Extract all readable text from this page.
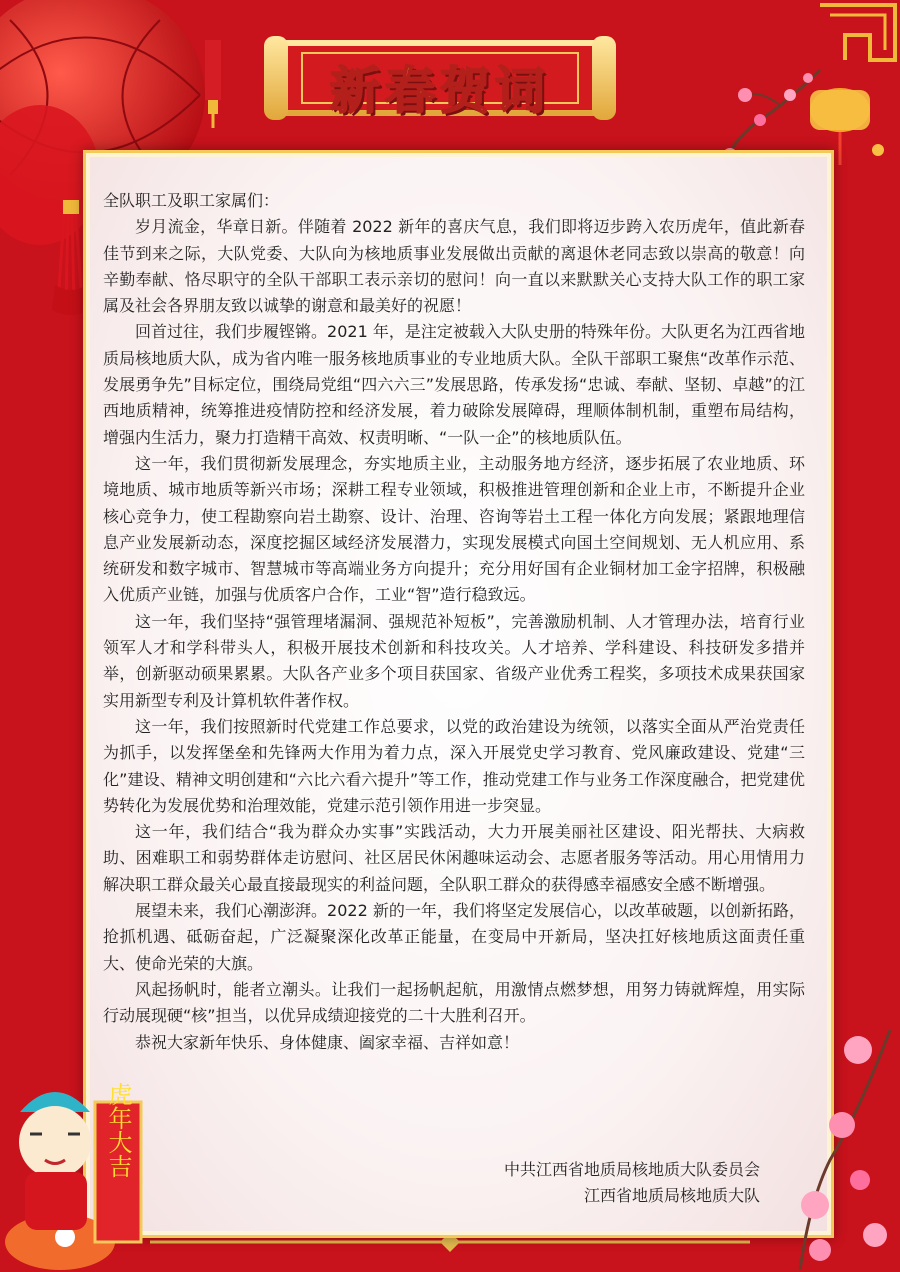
新春贺词

全队职工及职工家属们：

岁月流金，华章日新。伴随着 2022 新年的喜庆气息，我们即将迈步跨入农历虎年，值此新春佳节到来之际，大队党委、大队向为核地质事业发展做出贡献的离退休老同志致以崇高的敬意！向辛勤奉献、恪尽职守的全队干部职工表示亲切的慰问！向一直以来默默关心支持大队工作的职工家属及社会各界朋友致以诚挚的谢意和最美好的祝愿！

回首过往，我们步履铿锵。2021 年，是注定被载入大队史册的特殊年份。大队更名为江西省地质局核地质大队，成为省内唯一服务核地质事业的专业地质大队。全队干部职工聚焦“改革作示范、发展勇争先”目标定位，围绕局党组“四六六三”发展思路，传承发扬“忠诚、奉献、坚韧、卓越”的江西地质精神，统筹推进疫情防控和经济发展，着力破除发展障碍，理顺体制机制，重塑布局结构，增强内生活力，聚力打造精干高效、权责明晰、“一队一企”的核地质队伍。

这一年，我们贯彻新发展理念，夯实地质主业，主动服务地方经济，逐步拓展了农业地质、环境地质、城市地质等新兴市场；深耕工程专业领域，积极推进管理创新和企业上市，不断提升企业核心竞争力，使工程勘察向岩土勘察、设计、治理、咨询等岩土工程一体化方向发展；紧跟地理信息产业发展新动态，深度挖掘区域经济发展潜力，实现发展模式向国土空间规划、无人机应用、系统研发和数字城市、智慧城市等高端业务方向提升；充分用好国有企业铜材加工金字招牌，积极融入优质产业链，加强与优质客户合作，工业“智”造行稳致远。

这一年，我们坚持“强管理堵漏洞、强规范补短板”，完善激励机制、人才管理办法，培育行业领军人才和学科带头人，积极开展技术创新和科技攻关。人才培养、学科建设、科技研发多措并举，创新驱动硕果累累。大队各产业多个项目获国家、省级产业优秀工程奖，多项技术成果获国家实用新型专利及计算机软件著作权。

这一年，我们按照新时代党建工作总要求，以党的政治建设为统领，以落实全面从严治党责任为抓手，以发挥堡垒和先锋两大作用为着力点，深入开展党史学习教育、党风廉政建设、党建“三化”建设、精神文明创建和“六比六看六提升”等工作，推动党建工作与业务工作深度融合，把党建优势转化为发展优势和治理效能，党建示范引领作用进一步突显。

这一年，我们结合“我为群众办实事”实践活动，大力开展美丽社区建设、阳光帮扶、大病救助、困难职工和弱势群体走访慰问、社区居民休闲趣味运动会、志愿者服务等活动。用心用情用力解决职工群众最关心最直接最现实的利益问题，全队职工群众的获得感幸福感安全感不断增强。

展望未来，我们心潮澎湃。2022 新的一年，我们将坚定发展信心，以改革破题，以创新拓路，抢抓机遇、砥砺奋起，广泛凝聚深化改革正能量，在变局中开新局，坚决扛好核地质这面责任重大、使命光荣的大旗。

风起扬帆时，能者立潮头。让我们一起扬帆起航，用激情点燃梦想，用努力铸就辉煌，用实际行动展现硬“核”担当，以优异成绩迎接党的二十大胜利召开。

恭祝大家新年快乐、身体健康、阖家幸福、吉祥如意！

中共江西省地质局核地质大队委员会
江西省地质局核地质大队
虎年大吉
